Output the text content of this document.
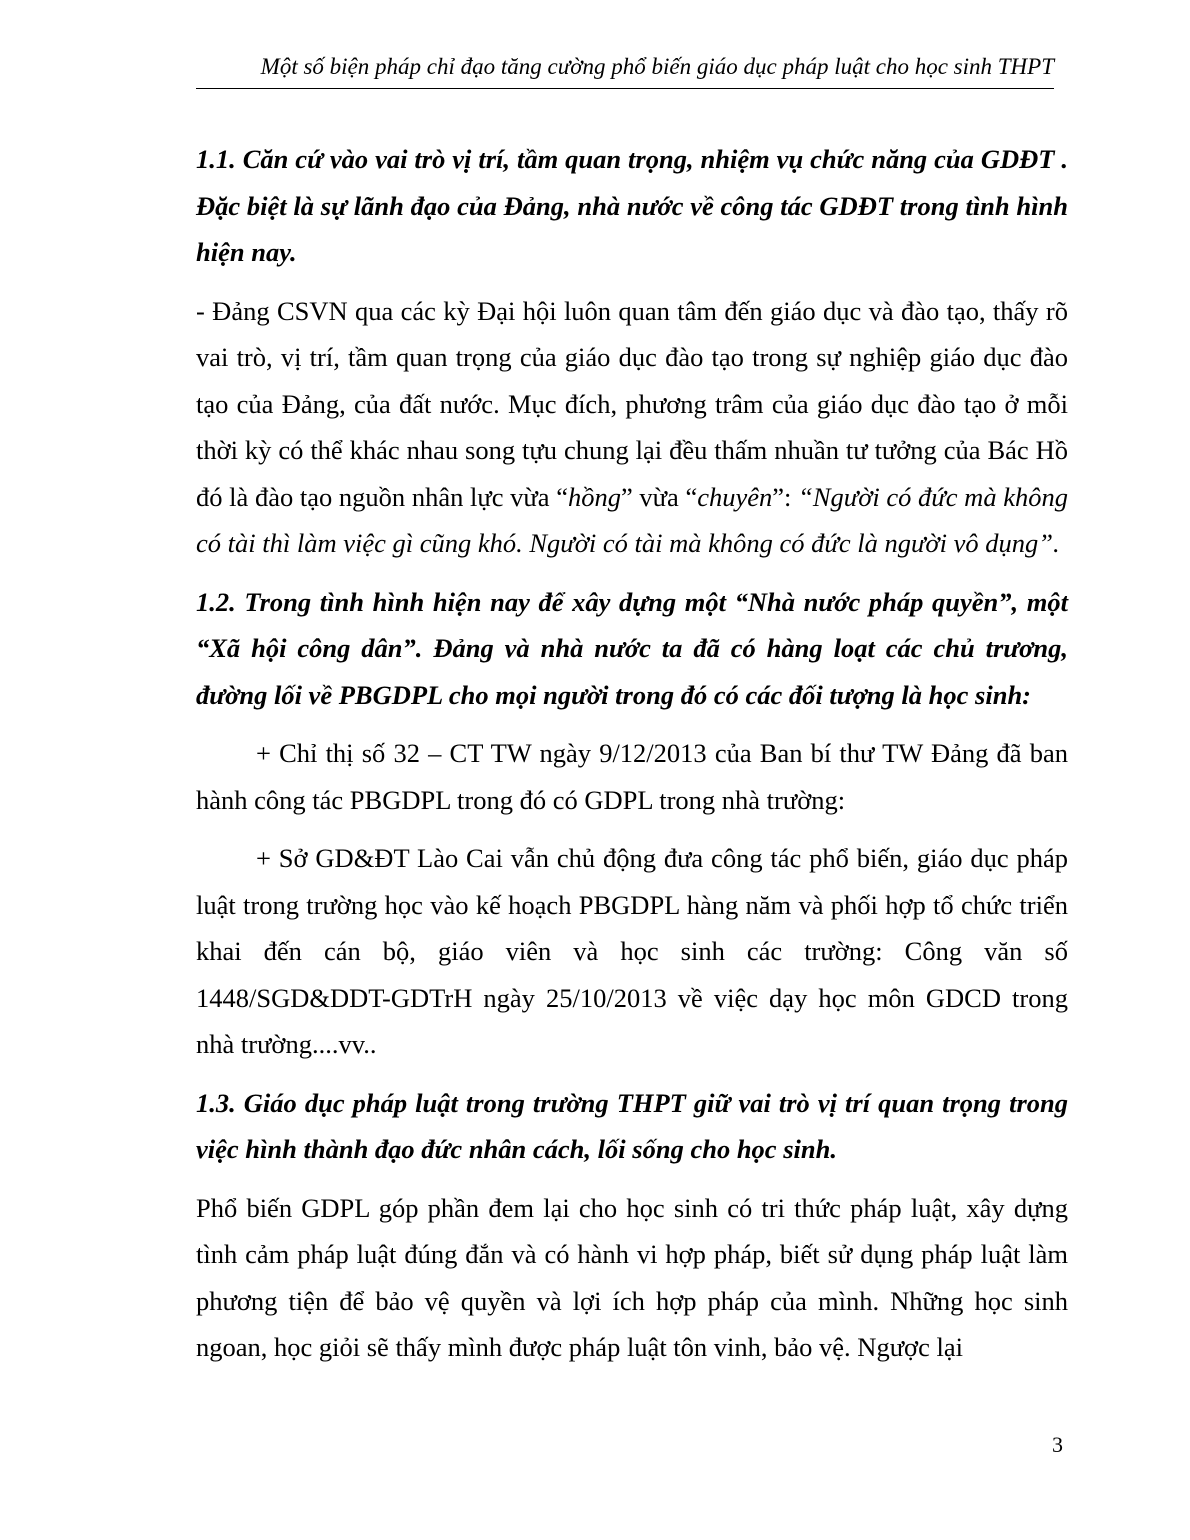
Một số biện pháp chỉ đạo tăng cường phổ biến giáo dục pháp luật cho học sinh THPT

1.1. Căn cứ vào vai trò vị trí, tầm quan trọng, nhiệm vụ chức năng của GDĐT . Đặc biệt là sự lãnh đạo của Đảng, nhà nước về công tác GDĐT trong tình hình hiện nay.

- Đảng CSVN qua các kỳ Đại hội luôn quan tâm đến giáo dục và đào tạo, thấy rõ vai trò, vị trí, tầm quan trọng của giáo dục đào tạo trong sự nghiệp giáo dục đào tạo của Đảng, của đất nước. Mục đích, phương trâm của giáo dục đào tạo ở mỗi thời kỳ có thể khác nhau song tựu chung lại đều thấm nhuần tư tưởng của Bác Hồ đó là đào tạo nguồn nhân lực vừa “hồng” vừa “chuyên”: “Người có đức mà không có tài thì làm việc gì cũng khó. Người có tài mà không có đức là người vô dụng”.

1.2. Trong tình hình hiện nay để xây dựng một “Nhà nước pháp quyền”, một “Xã hội công dân”. Đảng và nhà nước ta đã có hàng loạt các chủ trương, đường lối về PBGDPL cho mọi người trong đó có các đối tượng là học sinh:

+ Chỉ thị số 32 – CT TW ngày 9/12/2013 của Ban bí thư TW Đảng đã ban hành công tác PBGDPL trong đó có GDPL trong nhà trường:

+ Sở GD&ĐT Lào Cai vẫn chủ động đưa công tác phổ biến, giáo dục pháp luật trong trường học vào kế hoạch PBGDPL hàng năm và phối hợp tổ chức triển khai đến cán bộ, giáo viên và học sinh các trường: Công văn số 1448/SGD&DDT-GDTrH ngày 25/10/2013 về việc dạy học môn GDCD trong nhà trường....vv..

1.3. Giáo dục pháp luật trong trường THPT giữ vai trò vị trí quan trọng trong việc hình thành đạo đức nhân cách, lối sống cho học sinh.

Phổ biến GDPL góp phần đem lại cho học sinh có tri thức pháp luật, xây dựng tình cảm pháp luật đúng đắn và có hành vi hợp pháp, biết sử dụng pháp luật làm phương tiện để bảo vệ quyền và lợi ích hợp pháp của mình. Những học sinh ngoan, học giỏi sẽ thấy mình được pháp luật tôn vinh, bảo vệ. Ngược lại

3
